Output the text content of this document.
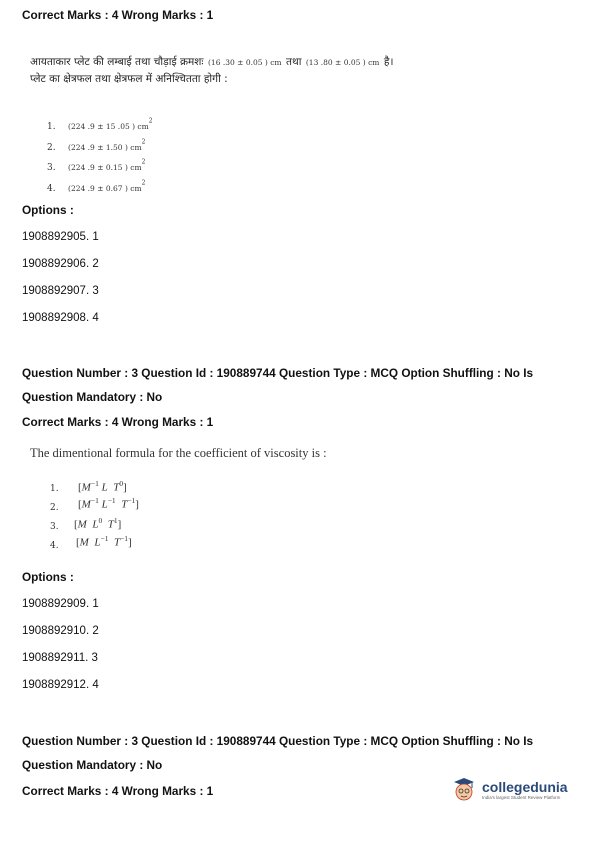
Correct Marks : 4 Wrong Marks : 1
आयताकार प्लेट की लम्बाई तथा चौड़ाई क्रमशः (16 .30 ± 0.05 ) cm तथा (13 .80 ± 0.05 ) cm है।
प्लेट का क्षेत्रफल तथा क्षेत्रफल में अनिश्चितता होगी :
1. (224 .9 ± 15 .05 ) $cm^2$
2. (224 .9 ± 1.50 ) $cm^2$
3. (224 .9 ± 0.15 ) $cm^2$
4. (224 .9 ± 0.67 ) $cm^2$
Options :
1908892905. 1
1908892906. 2
1908892907. 3
1908892908. 4
Question Number : 3 Question Id : 190889744 Question Type : MCQ Option Shuffling : No Is
Question Mandatory : No
Correct Marks : 4 Wrong Marks : 1
The dimentional formula for the coefficient of viscosity is :
1. [$M^{-1}$ L $T^0$]
2. [$M^{-1}$ $L^{-1}$ $T^{-1}$]
3. [M $L^0$ $T^1$]
4. [M $L^{-1}$ $T^{-1}$]
Options :
1908892909. 1
1908892910. 2
1908892911. 3
1908892912. 4
Question Number : 3 Question Id : 190889744 Question Type : MCQ Option Shuffling : No Is
Question Mandatory : No
Correct Marks : 4 Wrong Marks : 1	collegedunia
India's largest Student Review Platform
